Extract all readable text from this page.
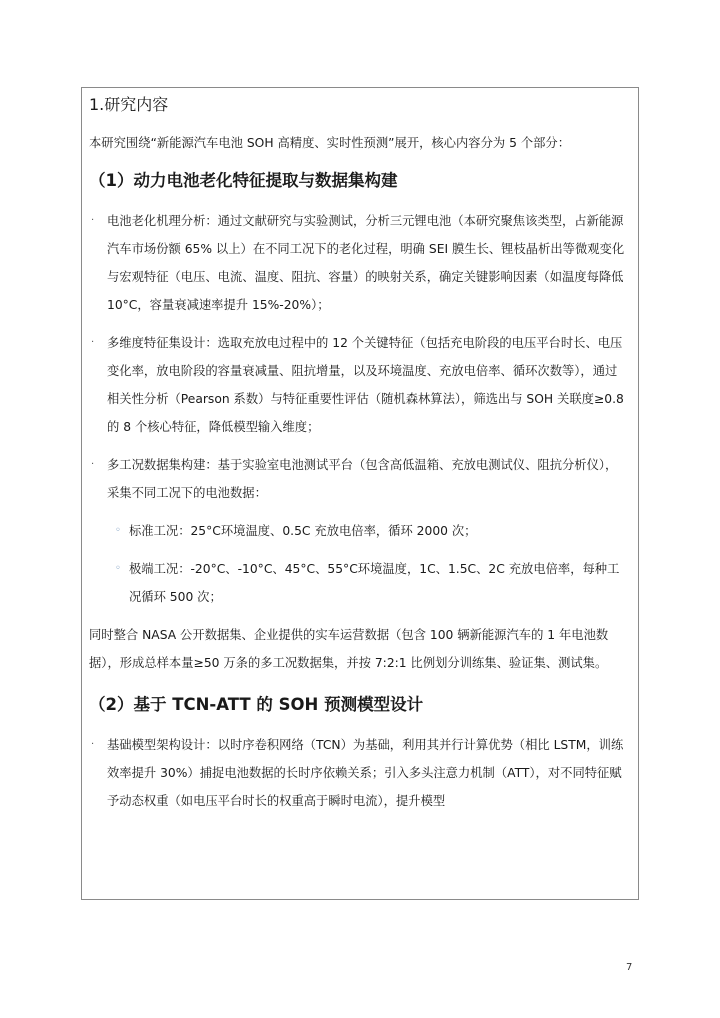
1.研究内容

本研究围绕“新能源汽车电池 SOH 高精度、实时性预测”展开，核心内容分为 5 个部分：

（1）动力电池老化特征提取与数据集构建
· 电池老化机理分析：通过文献研究与实验测试，分析三元锂电池（本研究聚焦该类型，占新能源汽车市场份额 65% 以上）在不同工况下的老化过程，明确 SEI 膜生长、锂枝晶析出等微观变化与宏观特征（电压、电流、温度、阻抗、容量）的映射关系，确定关键影响因素（如温度每降低 10°C，容量衰减速率提升 15%-20%）；
· 多维度特征集设计：选取充放电过程中的 12 个关键特征（包括充电阶段的电压平台时长、电压变化率，放电阶段的容量衰减量、阻抗增量，以及环境温度、充放电倍率、循环次数等），通过相关性分析（Pearson 系数）与特征重要性评估（随机森林算法），筛选出与 SOH 关联度≥0.8 的 8 个核心特征，降低模型输入维度；
· 多工况数据集构建：基于实验室电池测试平台（包含高低温箱、充放电测试仪、阻抗分析仪），采集不同工况下的电池数据：
◦ 标准工况：25°C环境温度、0.5C 充放电倍率，循环 2000 次；
◦ 极端工况：-20°C、-10°C、45°C、55°C环境温度，1C、1.5C、2C 充放电倍率，每种工况循环 500 次；

同时整合 NASA 公开数据集、企业提供的实车运营数据（包含 100 辆新能源汽车的 1 年电池数据），形成总样本量≥50 万条的多工况数据集，并按 7:2:1 比例划分训练集、验证集、测试集。

（2）基于 TCN-ATT 的 SOH 预测模型设计
· 基础模型架构设计：以时序卷积网络（TCN）为基础，利用其并行计算优势（相比 LSTM，训练效率提升 30%）捕捉电池数据的长时序依赖关系；引入多头注意力机制（ATT），对不同特征赋予动态权重（如电压平台时长的权重高于瞬时电流），提升模型
7
